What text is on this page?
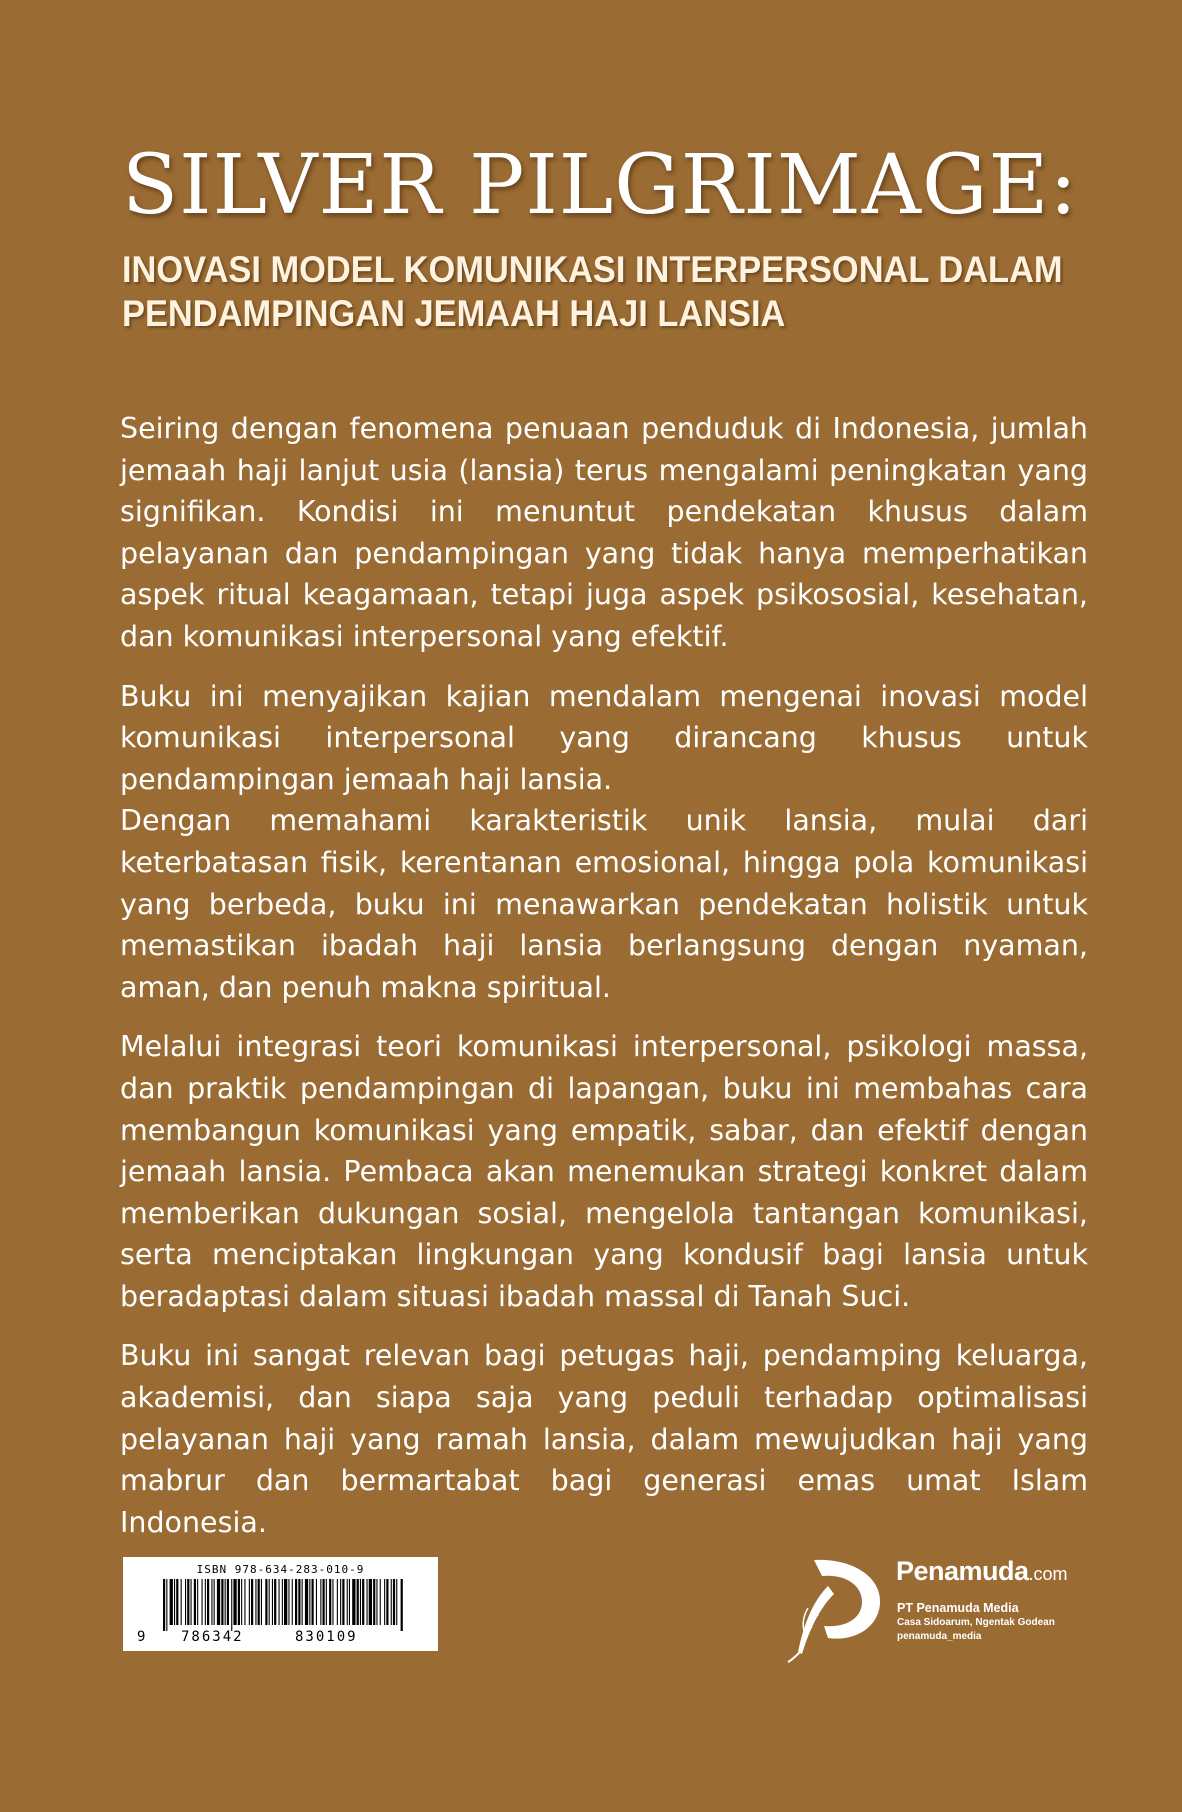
SILVER PILGRIMAGE:
INOVASI MODEL KOMUNIKASI INTERPERSONAL DALAM
PENDAMPINGAN JEMAAH HAJI LANSIA

Seiring dengan fenomena penuaan penduduk di Indonesia, jumlah jemaah haji lanjut usia (lansia) terus mengalami peningkatan yang signifikan. Kondisi ini menuntut pendekatan khusus dalam pelayanan dan pendampingan yang tidak hanya memperhatikan aspek ritual keagamaan, tetapi juga aspek psikososial, kesehatan, dan komunikasi interpersonal yang efektif.

Buku ini menyajikan kajian mendalam mengenai inovasi model komunikasi interpersonal yang dirancang khusus untuk pendampingan jemaah haji lansia.

Dengan memahami karakteristik unik lansia, mulai dari keterbatasan fisik, kerentanan emosional, hingga pola komunikasi yang berbeda, buku ini menawarkan pendekatan holistik untuk memastikan ibadah haji lansia berlangsung dengan nyaman, aman, dan penuh makna spiritual.

Melalui integrasi teori komunikasi interpersonal, psikologi massa, dan praktik pendampingan di lapangan, buku ini membahas cara membangun komunikasi yang empatik, sabar, dan efektif dengan jemaah lansia. Pembaca akan menemukan strategi konkret dalam memberikan dukungan sosial, mengelola tantangan komunikasi, serta menciptakan lingkungan yang kondusif bagi lansia untuk beradaptasi dalam situasi ibadah massal di Tanah Suci.

Buku ini sangat relevan bagi petugas haji, pendamping keluarga, akademisi, dan siapa saja yang peduli terhadap optimalisasi pelayanan haji yang ramah lansia, dalam mewujudkan haji yang mabrur dan bermartabat bagi generasi emas umat Islam Indonesia.

ISBN 978-634-283-010-9
9	786342	830109
Penamuda.com
PT Penamuda Media
Casa Sidoarum, Ngentak Godean
penamuda_media
